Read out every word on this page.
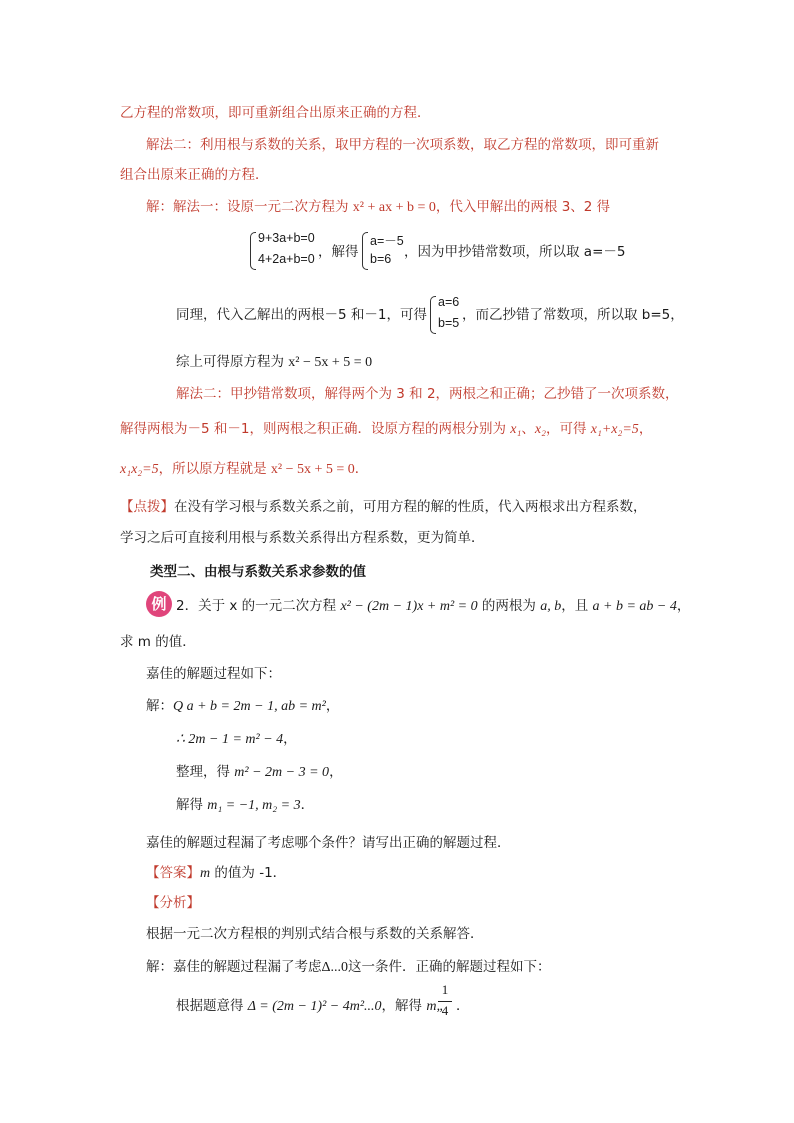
乙方程的常数项，即可重新组合出原来正确的方程．
解法二：利用根与系数的关系，取甲方程的一次项系数，取乙方程的常数项，即可重新
组合出原来正确的方程．
解：解法一：设原一元二次方程为 x² + ax + b = 0，代入甲解出的两根 3、2 得
9+3a+b=0
4+2a+b=0 ，解得
a=－5
b=6 ，因为甲抄错常数项，所以取 a=－5
同理，代入乙解出的两根－5 和－1，可得
a=6
b=5 ，而乙抄错了常数项，所以取 b=5，
综上可得原方程为 x² − 5x + 5 = 0
解法二：甲抄错常数项，解得两个为 3 和 2，两根之和正确；乙抄错了一次项系数，
解得两根为－5 和－1，则两根之积正确．设原方程的两根分别为 x₁、x₂，可得 x₁+x₂=5，
x₁x₂=5，所以原方程就是 x² − 5x + 5 = 0．
【点拨】在没有学习根与系数关系之前，可用方程的解的性质，代入两根求出方程系数，
学习之后可直接利用根与系数关系得出方程系数，更为简单．
类型二、由根与系数关系求参数的值
例 2．关于 x 的一元二次方程 x² − (2m − 1)x + m² = 0 的两根为 a, b，且 a + b = ab − 4，
求 m 的值．
嘉佳的解题过程如下：
解：Q a + b = 2m − 1, ab = m²，
∴ 2m − 1 = m² − 4，
整理，得 m² − 2m − 3 = 0，
解得 m₁ = −1, m₂ = 3．
嘉佳的解题过程漏了考虑哪个条件？请写出正确的解题过程．
【答案】m 的值为 -1．
【分析】
根据一元二次方程根的判别式结合根与系数的关系解答．
解：嘉佳的解题过程漏了考虑Δ...0这一条件．正确的解题过程如下：
根据题意得 Δ = (2m − 1)² − 4m²...0，解得 m„
1
4 ．
